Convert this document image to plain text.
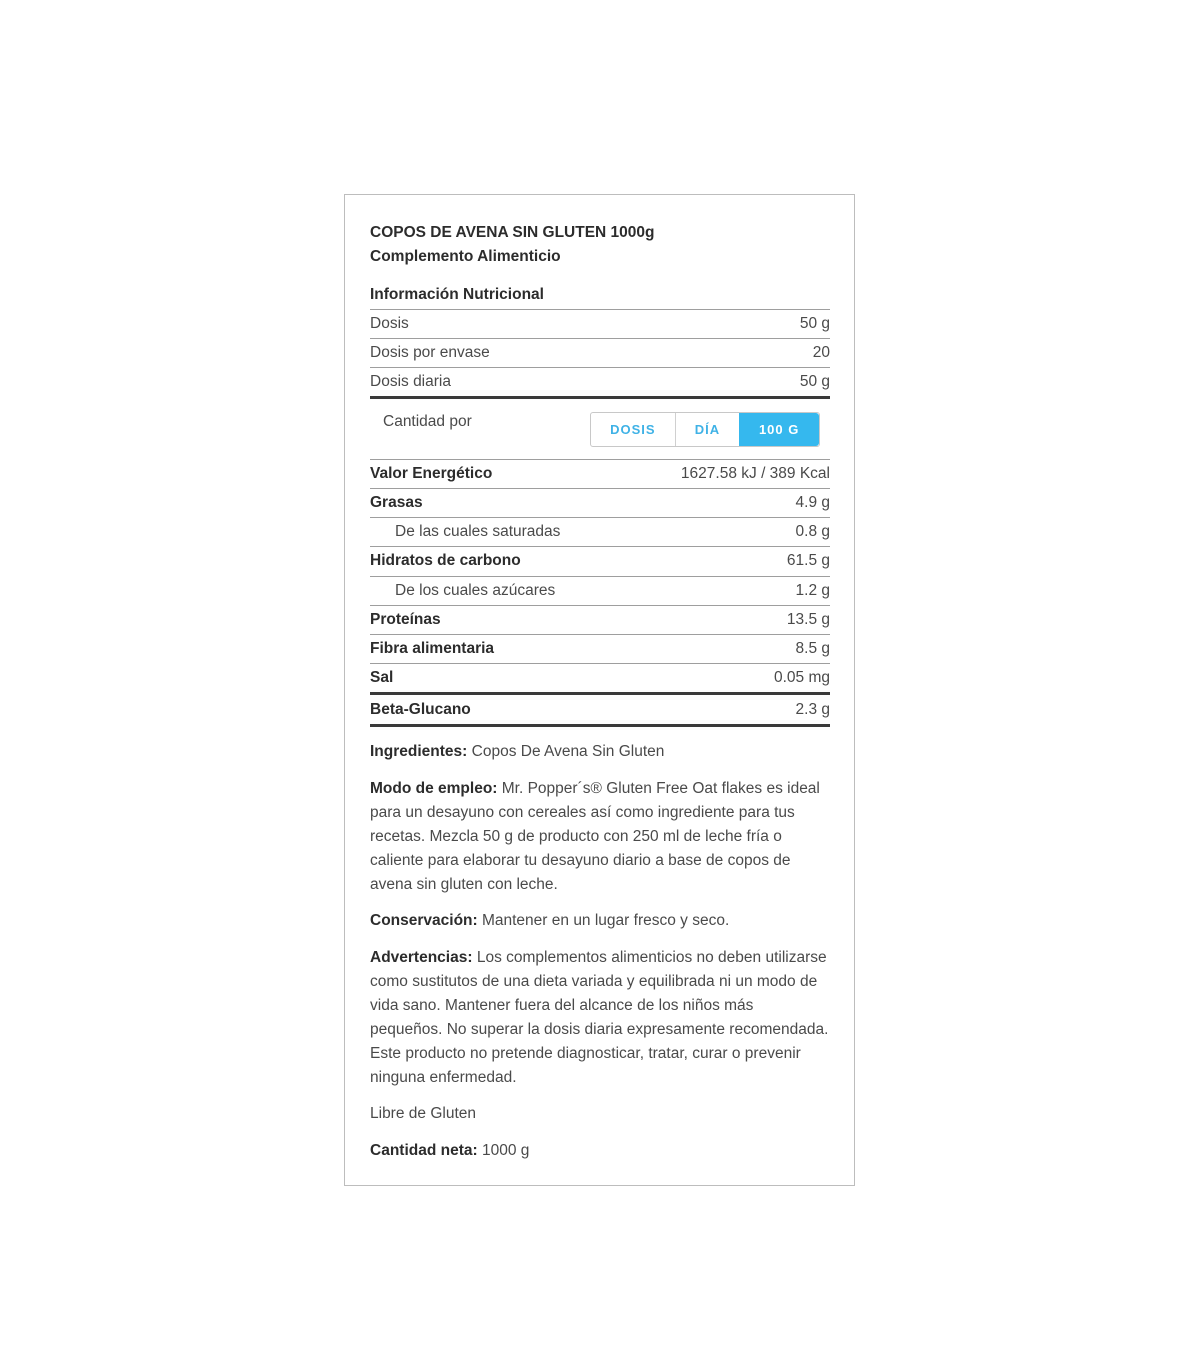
COPOS DE AVENA SIN GLUTEN 1000g
Complemento Alimenticio
Información Nutricional
Dosis	50 g
Dosis por envase	20
Dosis diaria	50 g
Cantidad por	DOSIS	DÍA	100 G
Valor Energético	1627.58 kJ / 389 Kcal
Grasas	4.9 g
De las cuales saturadas	0.8 g
Hidratos de carbono	61.5 g
De los cuales azúcares	1.2 g
Proteínas	13.5 g
Fibra alimentaria	8.5 g
Sal	0.05 mg
Beta-Glucano	2.3 g
Ingredientes: Copos De Avena Sin Gluten
Modo de empleo: Mr. Popper´s® Gluten Free Oat flakes es ideal para un desayuno con cereales así como ingrediente para tus recetas. Mezcla 50 g de producto con 250 ml de leche fría o caliente para elaborar tu desayuno diario a base de copos de avena sin gluten con leche.
Conservación: Mantener en un lugar fresco y seco.
Advertencias: Los complementos alimenticios no deben utilizarse como sustitutos de una dieta variada y equilibrada ni un modo de vida sano. Mantener fuera del alcance de los niños más pequeños. No superar la dosis diaria expresamente recomendada. Este producto no pretende diagnosticar, tratar, curar o prevenir ninguna enfermedad.
Libre de Gluten
Cantidad neta: 1000 g
